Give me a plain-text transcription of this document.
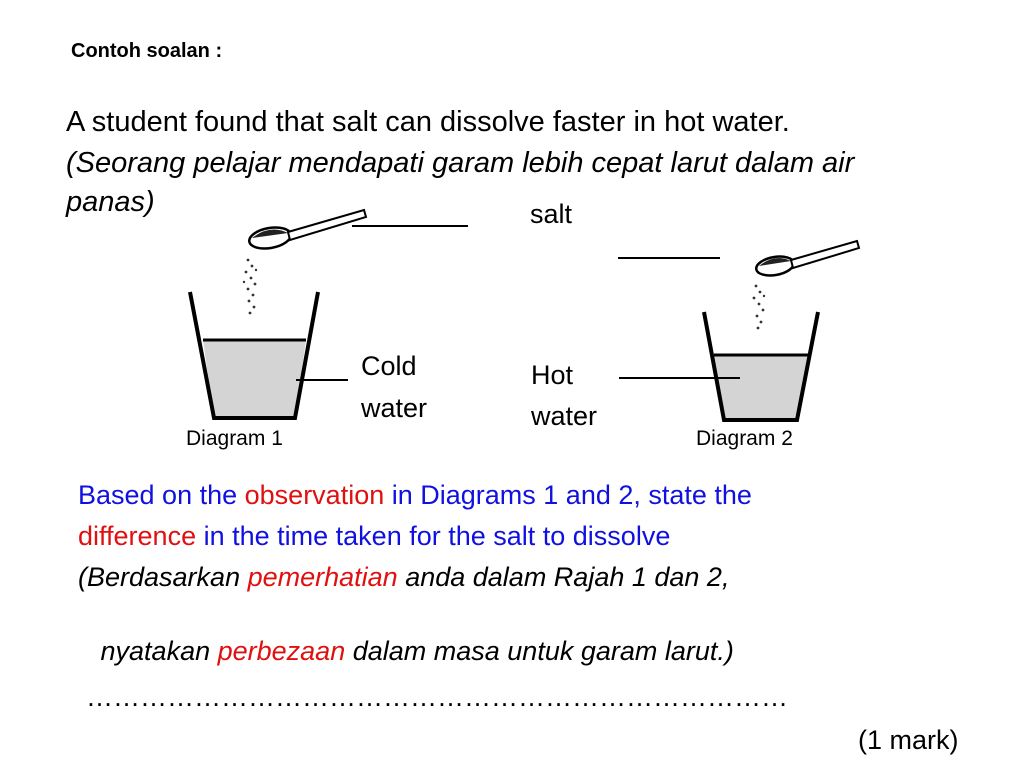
Contoh soalan :
A student found that salt can dissolve faster in hot water.
(Seorang pelajar mendapati garam lebih cepat larut dalam air
panas)	salt
Cold
water
Hot
water
Diagram 1	Diagram 2
Based on the observation in Diagrams 1 and 2, state the
difference in the time taken for the salt to dissolve
(Berdasarkan pemerhatian anda dalam Rajah 1 dan 2,

nyatakan perbezaan dalam masa untuk garam larut.)

……………………………………………………………………
(1 mark)
